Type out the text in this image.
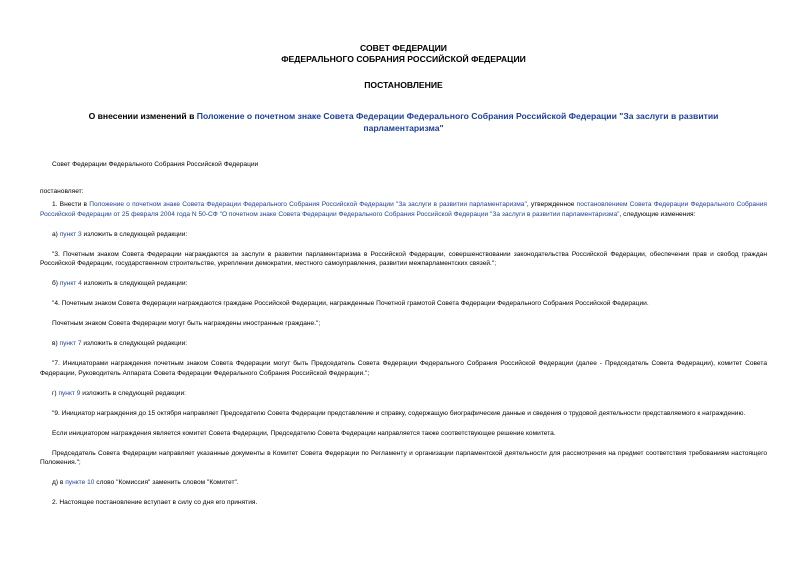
СОВЕТ ФЕДЕРАЦИИ
ФЕДЕРАЛЬНОГО СОБРАНИЯ РОССИЙСКОЙ ФЕДЕРАЦИИ
ПОСТАНОВЛЕНИЕ
О внесении изменений в Положение о почетном знаке Совета Федерации Федерального Собрания Российской Федерации "За заслуги в развитии парламентаризма"

Совет Федерации Федерального Собрания Российской Федерации

постановляет:

1. Внести в Положение о почетном знаке Совета Федерации Федерального Собрания Российской Федерации "За заслуги в развитии парламентаризма", утвержденное постановлением Совета Федерации Федерального Собрания Российской Федерации от 25 февраля 2004 года N 50-СФ "О почетном знаке Совета Федерации Федерального Собрания Российской Федерации "За заслуги в развитии парламентаризма", следующие изменения:

а) пункт 3 изложить в следующей редакции:

"3. Почетным знаком Совета Федерации награждаются за заслуги в развитии парламентаризма в Российской Федерации, совершенствовании законодательства Российской Федерации, обеспечении прав и свобод граждан Российской Федерации, государственном строительстве, укреплении демократии, местного самоуправления, развитии межпарламентских связей.";

б) пункт 4 изложить в следующей редакции:

"4. Почетным знаком Совета Федерации награждаются граждане Российской Федерации, награжденные Почетной грамотой Совета Федерации Федерального Собрания Российской Федерации.

Почетным знаком Совета Федерации могут быть награждены иностранные граждане.";

в) пункт 7 изложить в следующей редакции:

"7. Инициаторами награждения почетным знаком Совета Федерации могут быть Председатель Совета Федерации Федерального Собрания Российской Федерации (далее - Председатель Совета Федерации), комитет Совета Федерации, Руководитель Аппарата Совета Федерации Федерального Собрания Российской Федерации.";

г) пункт 9 изложить в следующей редакции:

"9. Инициатор награждения до 15 октября направляет Председателю Совета Федерации представление и справку, содержащую биографические данные и сведения о трудовой деятельности представляемого к награждению.

Если инициатором награждения является комитет Совета Федерации, Председателю Совета Федерации направляется также соответствующее решение комитета.

Председатель Совета Федерации направляет указанные документы в Комитет Совета Федерации по Регламенту и организации парламентской деятельности для рассмотрения на предмет соответствия требованиям настоящего Положения.";

д) в пункте 10 слово "Комиссия" заменить словом "Комитет".

2. Настоящее постановление вступает в силу со дня его принятия.
